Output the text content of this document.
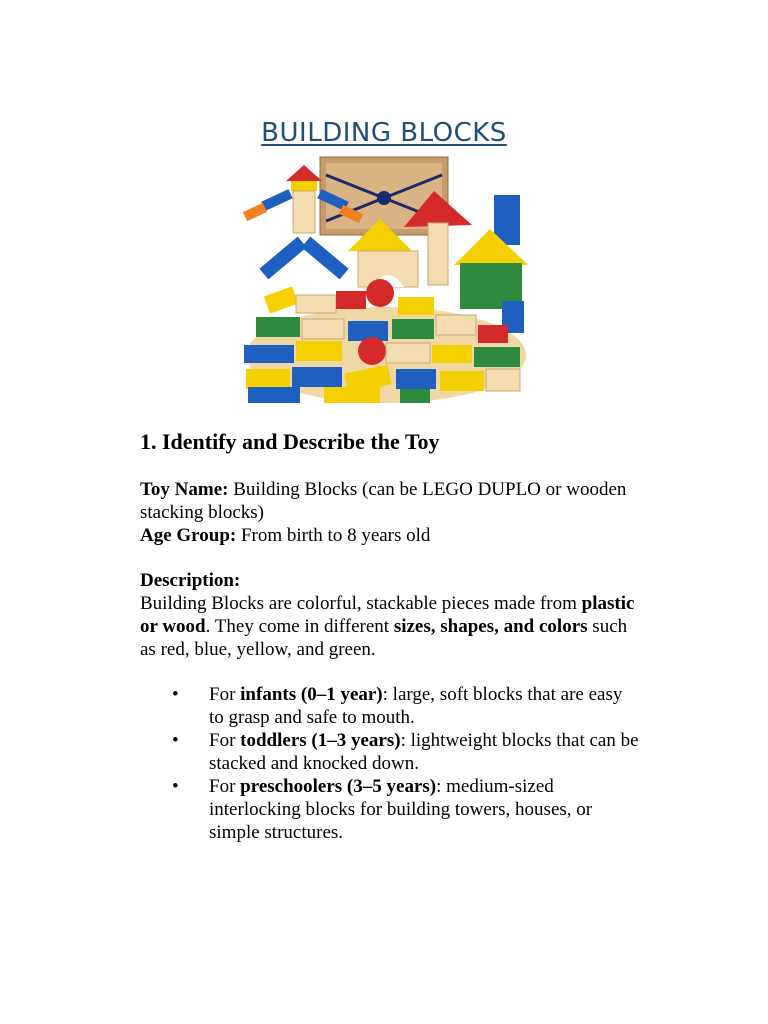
BUILDING BLOCKS
1. Identify and Describe the Toy

Toy Name: Building Blocks (can be LEGO DUPLO or wooden stacking blocks)

Age Group: From birth to 8 years old

Description:

Building Blocks are colorful, stackable pieces made from plastic or wood. They come in different sizes, shapes, and colors such as red, blue, yellow, and green.

• For infants (0–1 year): large, soft blocks that are easy to grasp and safe to mouth.
• For toddlers (1–3 years): lightweight blocks that can be stacked and knocked down.
• For preschoolers (3–5 years): medium-sized interlocking blocks for building towers, houses, or simple structures.
